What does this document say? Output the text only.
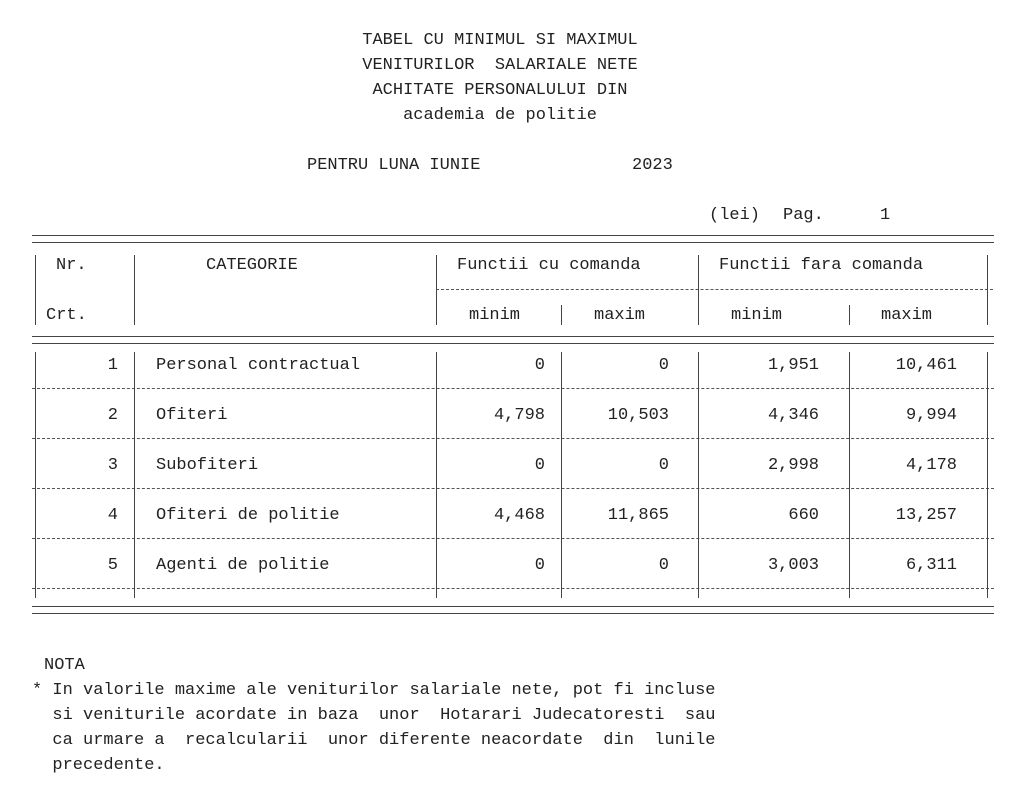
TABEL CU MINIMUL SI MAXIMUL
VENITURILOR  SALARIALE NETE
ACHITATE PERSONALULUI DIN
academia de politie
PENTRU LUNA IUNIE	2023
(lei) Pag.	1
Nr.
Crt.
CATEGORIE	Functii cu comanda	Functii fara comanda
minim	maxim	minim	maxim
1 Personal contractual	0	0	1,951	10,461
2 Ofiteri	4,798	10,503	4,346	9,994
3 Subofiteri	0	0	2,998	4,178
4 Ofiteri de politie	4,468	11,865	660	13,257
5 Agenti de politie	0	0	3,003	6,311
NOTA
* In valorile maxime ale veniturilor salariale nete, pot fi incluse
si veniturile acordate in baza  unor  Hotarari Judecatoresti  sau
ca urmare a  recalcularii  unor diferente neacordate  din  lunile
precedente.
